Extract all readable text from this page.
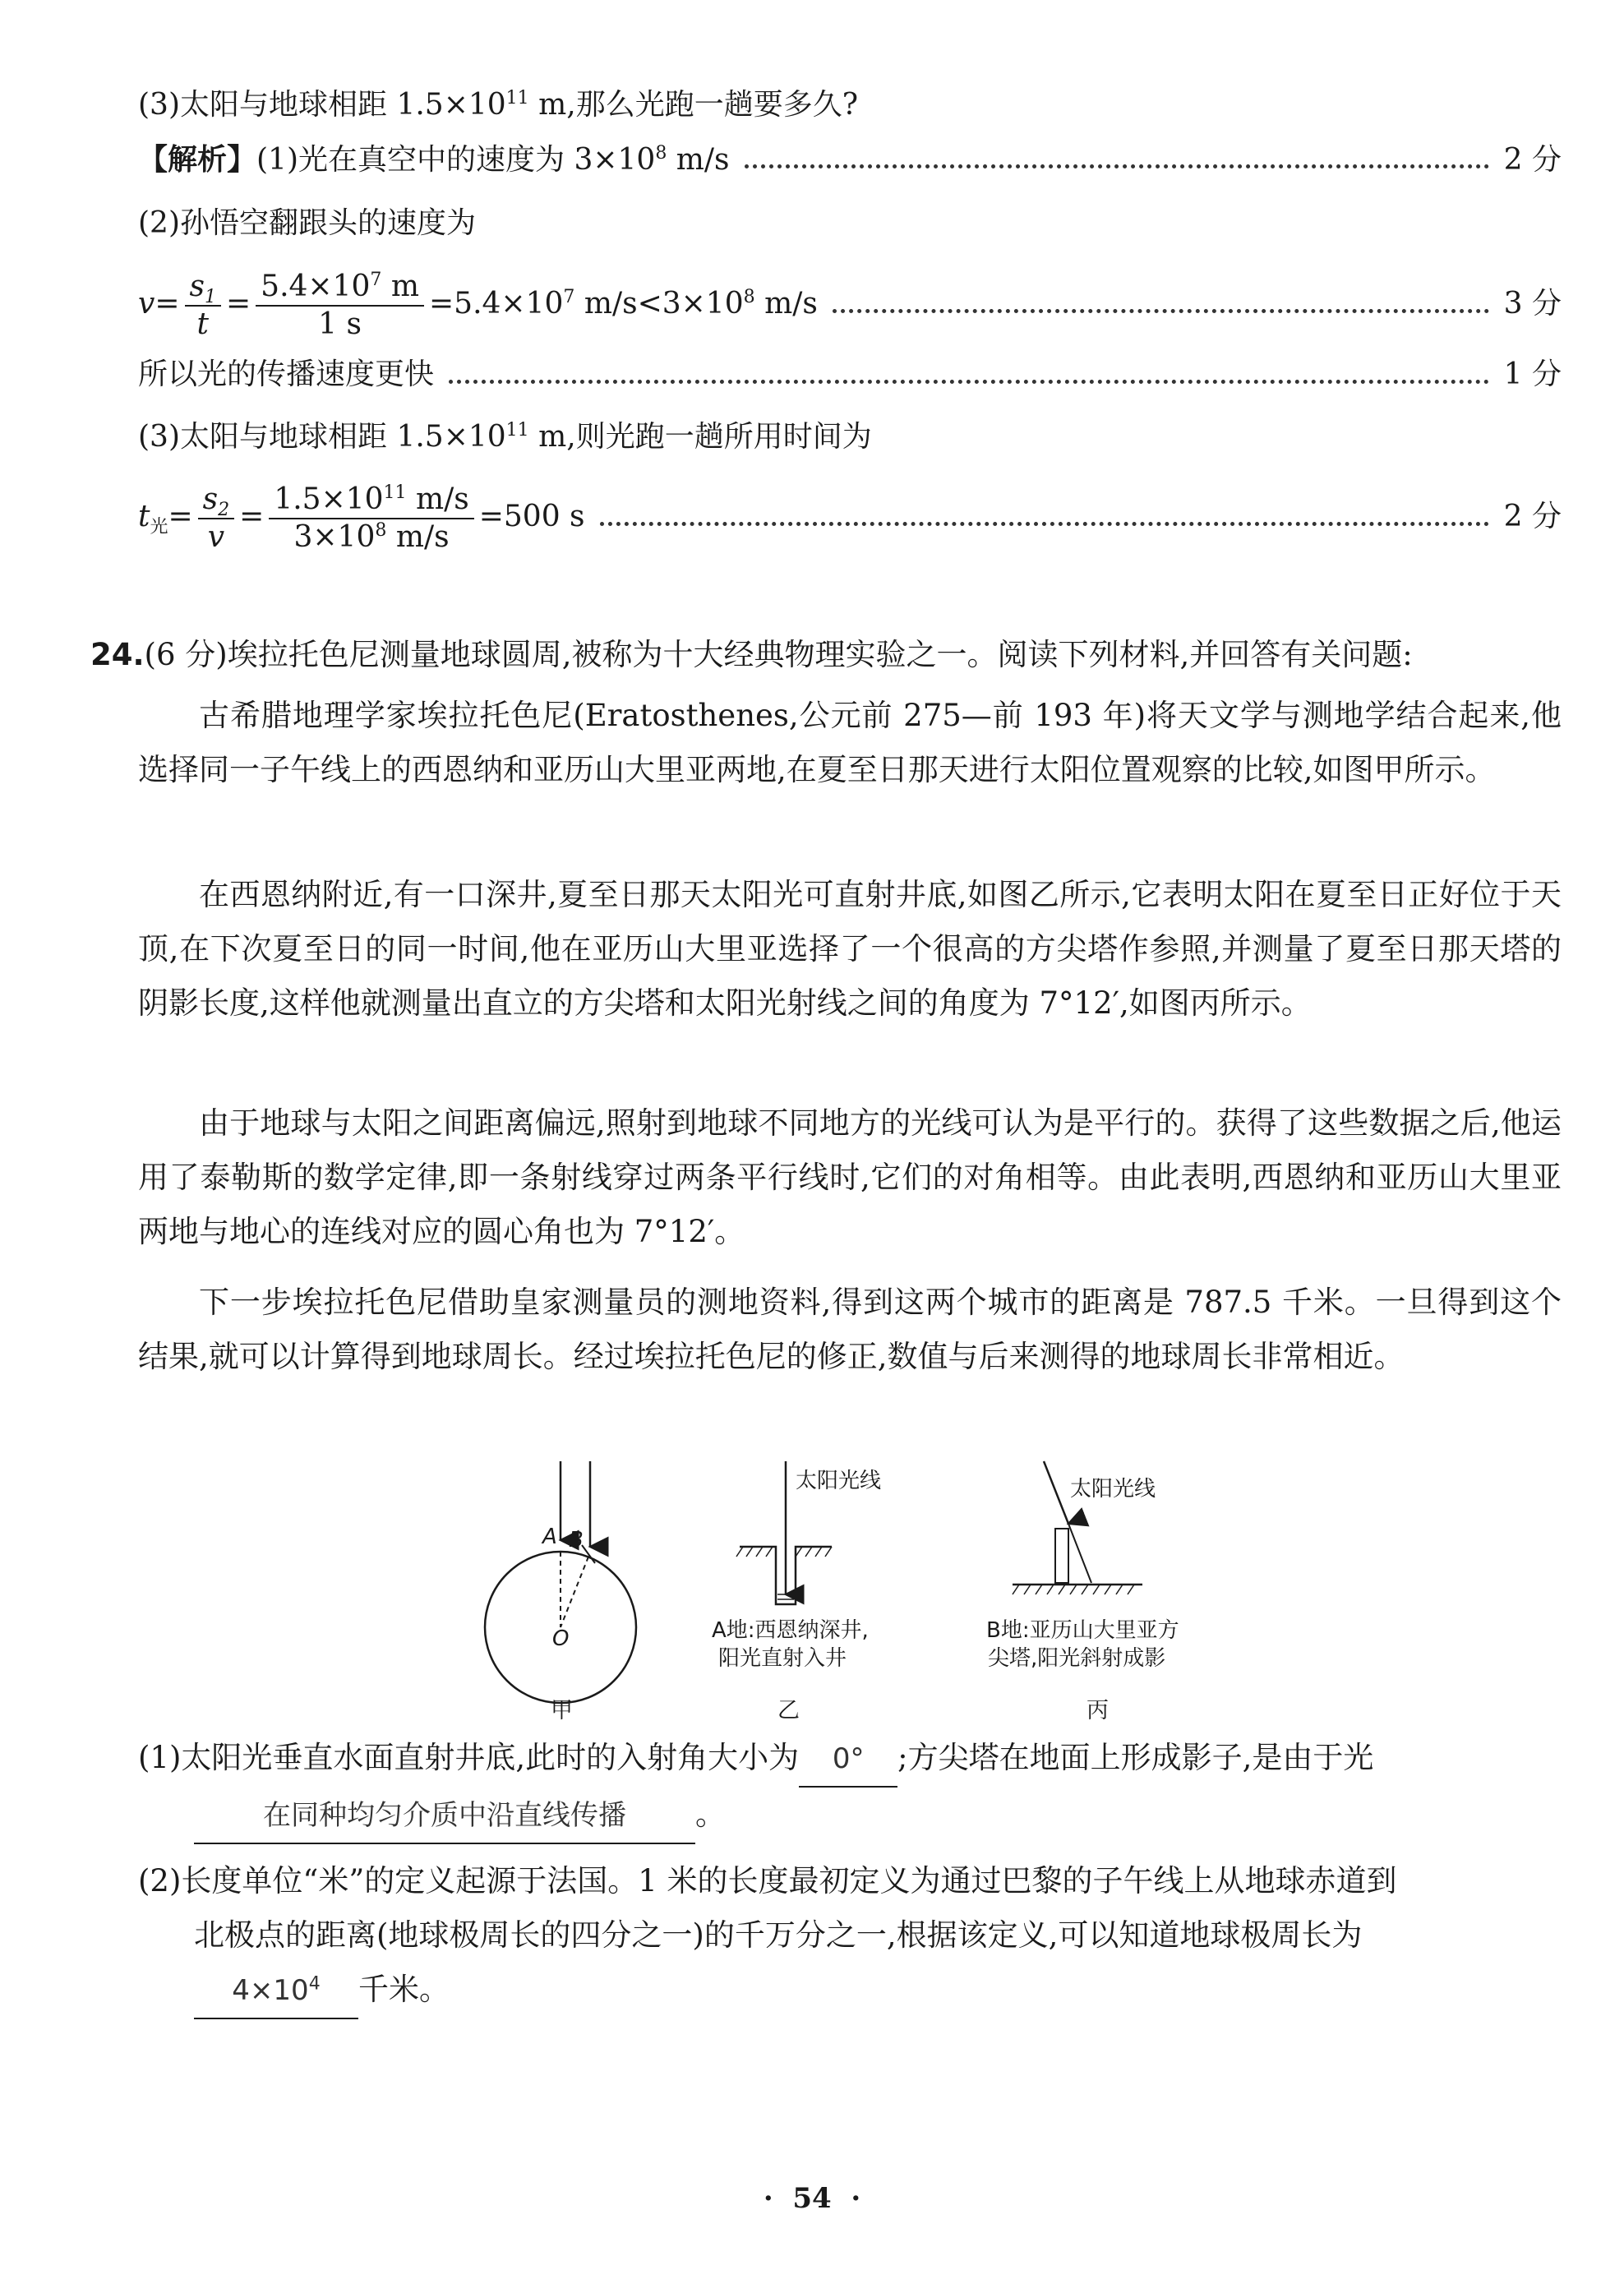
(3)太阳与地球相距 $1.5\times 10^{11}$ m,那么光跑一趟要多久?
【解析】(1)光在真空中的速度为 $3\times 10^8$ m/s	2 分
(2)孙悟空翻跟头的速度为
$v= \frac{s_1}{t} = \frac{5.4\times 10^7 m}{1 s} =5.4\times 10^7$ $m/s<3\times 10^8$ m/s	3 分
所以光的传播速度更快	1 分
(3)太阳与地球相距 $1.5\times 10^{11}$ m,则光跑一趟所用时间为
$t_光= \frac{s_2}{v} = \frac{1.5\times 10^{11} m/s}{3\times 10^8 m/s} =500$ s	2 分
24.(6 分)埃拉托色尼测量地球圆周,被称为十大经典物理实验之一。阅读下列材料,并回答有关问题:
古希腊地理学家埃拉托色尼(Eratosthenes,公元前 275—前 193 年)将天文学与测地学结合起来,他选择同一子午线上的西恩纳和亚历山大里亚两地,在夏至日那天进行太阳位置观察的比较,如图甲所示。
在西恩纳附近,有一口深井,夏至日那天太阳光可直射井底,如图乙所示,它表明太阳在夏至日正好位于天顶,在下次夏至日的同一时间,他在亚历山大里亚选择了一个很高的方尖塔作参照,并测量了夏至日那天塔的阴影长度,这样他就测量出直立的方尖塔和太阳光射线之间的角度为 7°12′,如图丙所示。
由于地球与太阳之间距离偏远,照射到地球不同地方的光线可认为是平行的。获得了这些数据之后,他运用了泰勒斯的数学定律,即一条射线穿过两条平行线时,它们的对角相等。由此表明,西恩纳和亚历山大里亚两地与地心的连线对应的圆心角也为 7°12′。
下一步埃拉托色尼借助皇家测量员的测地资料,得到这两个城市的距离是 787.5 千米。一旦得到这个结果,就可以计算得到地球周长。经过埃拉托色尼的修正,数值与后来测得的地球周长非常相近。
A B
O
甲
太阳光线
A地:西恩纳深井,
阳光直射入井
乙
太阳光线
B地:亚历山大里亚方
尖塔,阳光斜射成影
丙
(1)太阳光垂直水面直射井底,此时的入射角大小为 0° ;方尖塔在地面上形成影子,是由于光
在同种均匀介质中沿直线传播 。
(2)长度单位“米”的定义起源于法国。1 米的长度最初定义为通过巴黎的子午线上从地球赤道到
北极点的距离(地球极周长的四分之一)的千万分之一,根据该定义,可以知道地球极周长为
$4\times 10^4$ 千米。
·  54  ·
